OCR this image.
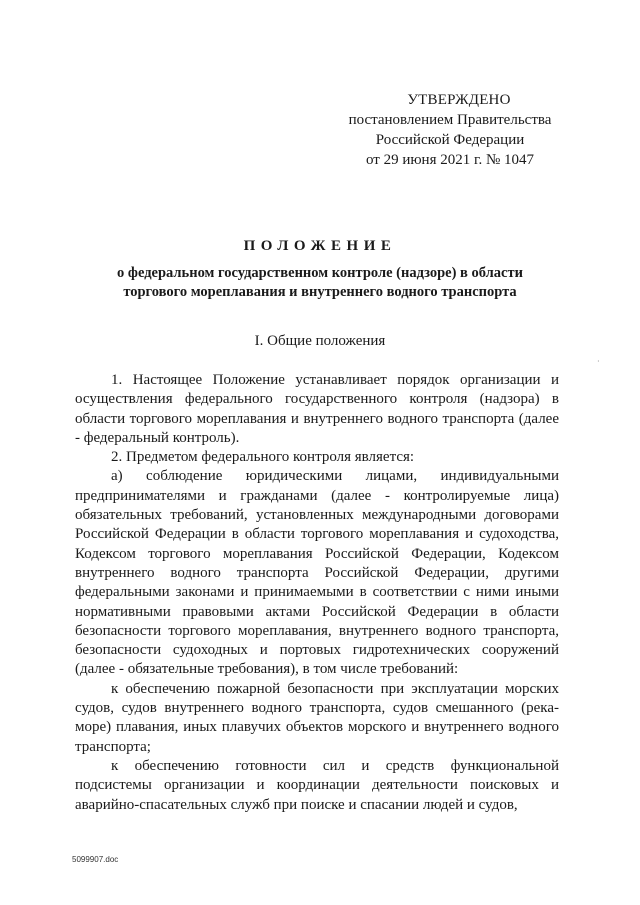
УТВЕРЖДЕНО
постановлением Правительства
Российской Федерации
от 29 июня 2021 г. № 1047
ПОЛОЖЕНИЕ
о федеральном государственном контроле (надзоре) в области
торгового мореплавания и внутреннего водного транспорта
I. Общие положения
·

1. Настоящее Положение устанавливает порядок организации и осуществления федерального государственного контроля (надзора) в области торгового мореплавания и внутреннего водного транспорта (далее - федеральный контроль).

2. Предметом федерального контроля является:

а) соблюдение юридическими лицами, индивидуальными предпринимателями и гражданами (далее - контролируемые лица) обязательных требований, установленных международными договорами Российской Федерации в области торгового мореплавания и судоходства, Кодексом торгового мореплавания Российской Федерации, Кодексом внутреннего водного транспорта Российской Федерации, другими федеральными законами и принимаемыми в соответствии с ними иными нормативными правовыми актами Российской Федерации в области безопасности торгового мореплавания, внутреннего водного транспорта, безопасности судоходных и портовых гидротехнических сооружений (далее - обязательные требования), в том числе требований:

к обеспечению пожарной безопасности при эксплуатации морских судов, судов внутреннего водного транспорта, судов смешанного (река-море) плавания, иных плавучих объектов морского и внутреннего водного транспорта;

к обеспечению готовности сил и средств функциональной подсистемы организации и координации деятельности поисковых и аварийно-спасательных служб при поиске и спасании людей и судов,

5099907.doc
